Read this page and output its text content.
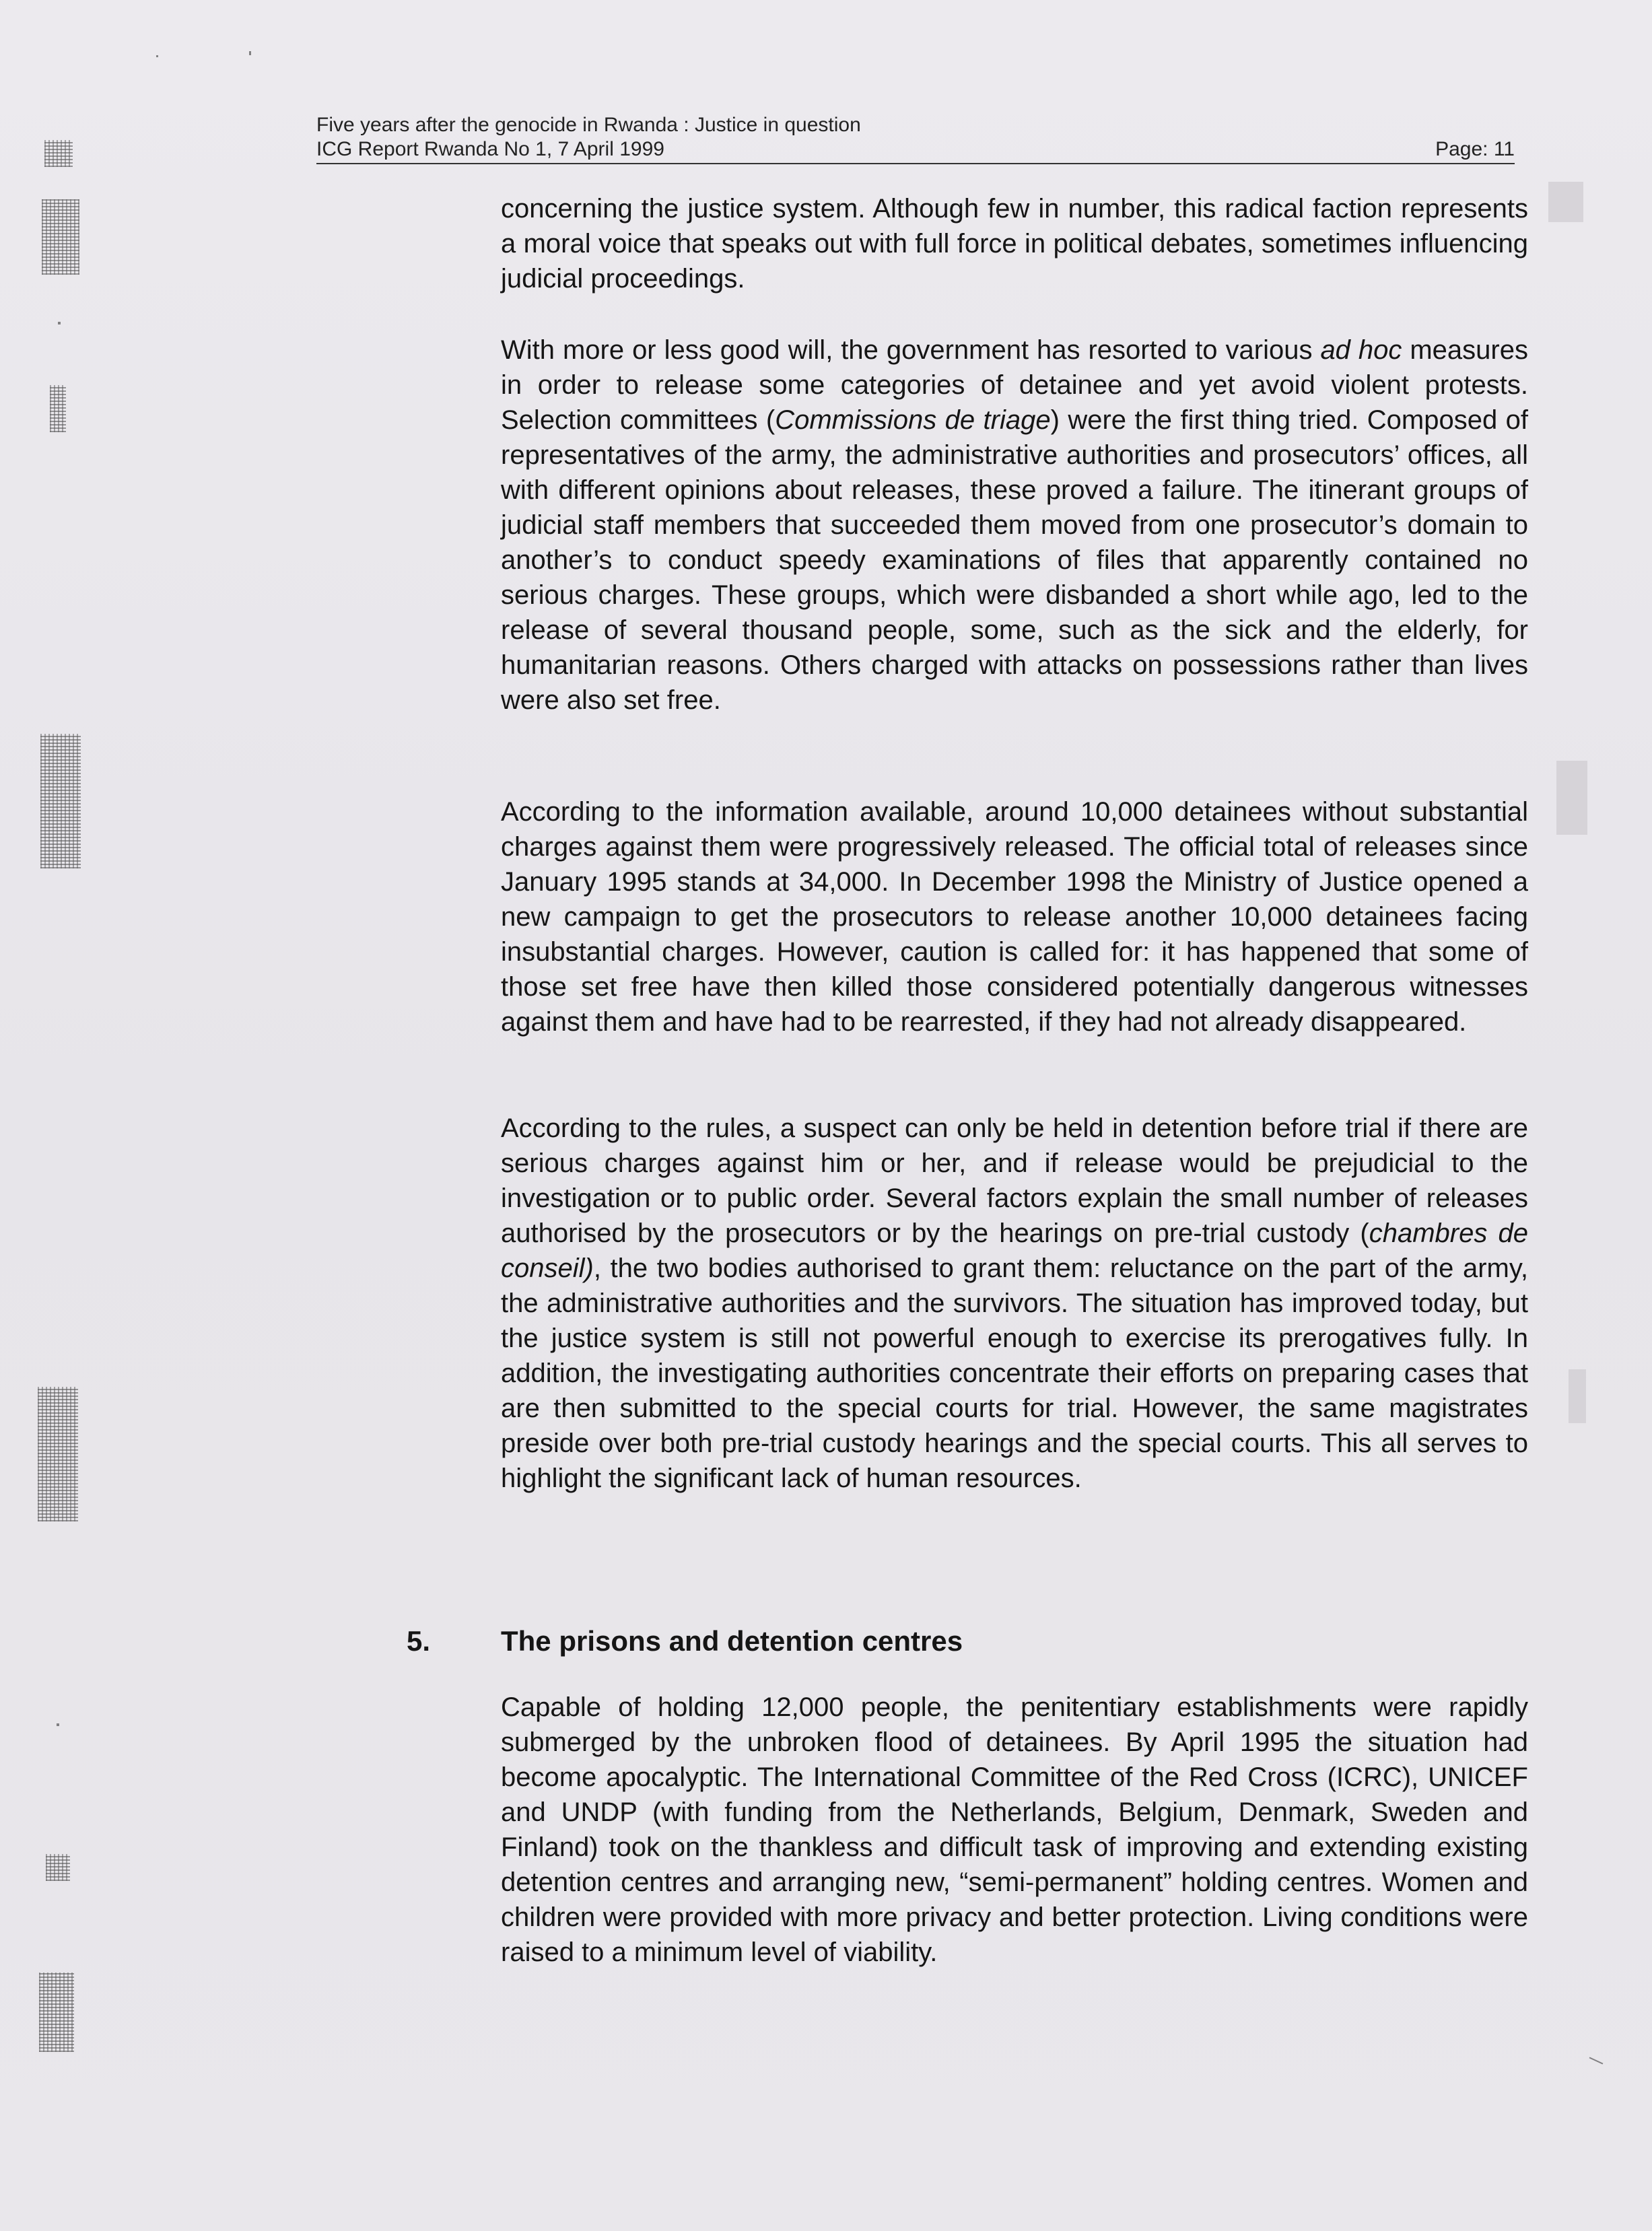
Five years after the genocide in Rwanda : Justice in question
ICG Report Rwanda No 1, 7 April 1999	Page: 11

concerning the justice system. Although few in number, this radical faction represents a moral voice that speaks out with full force in political debates, sometimes influencing judicial proceedings.

With more or less good will, the government has resorted to various ad hoc measures in order to release some categories of detainee and yet avoid violent protests. Selection committees (Commissions de triage) were the first thing tried. Composed of representatives of the army, the administrative authorities and prosecutors’ offices, all with different opinions about releases, these proved a failure. The itinerant groups of judicial staff members that succeeded them moved from one prosecutor’s domain to another’s to conduct speedy examinations of files that apparently contained no serious charges. These groups, which were disbanded a short while ago, led to the release of several thousand people, some, such as the sick and the elderly, for humanitarian reasons. Others charged with attacks on possessions rather than lives were also set free.

According to the information available, around 10,000 detainees without substantial charges against them were progressively released. The official total of releases since January 1995 stands at 34,000. In December 1998 the Ministry of Justice opened a new campaign to get the prosecutors to release another 10,000 detainees facing insubstantial charges. However, caution is called for: it has happened that some of those set free have then killed those considered potentially dangerous witnesses against them and have had to be rearrested, if they had not already disappeared.

According to the rules, a suspect can only be held in detention before trial if there are serious charges against him or her, and if release would be prejudicial to the investigation or to public order. Several factors explain the small number of releases authorised by the prosecutors or by the hearings on pre-trial custody (chambres de conseil), the two bodies authorised to grant them: reluctance on the part of the army, the administrative authorities and the survivors. The situation has improved today, but the justice system is still not powerful enough to exercise its prerogatives fully. In addition, the investigating authorities concentrate their efforts on preparing cases that are then submitted to the special courts for trial. However, the same magistrates preside over both pre-trial custody hearings and the special courts. This all serves to highlight the significant lack of human resources.

5. The prisons and detention centres

Capable of holding 12,000 people, the penitentiary establishments were rapidly submerged by the unbroken flood of detainees. By April 1995 the situation had become apocalyptic. The International Committee of the Red Cross (ICRC), UNICEF and UNDP (with funding from the Netherlands, Belgium, Denmark, Sweden and Finland) took on the thankless and difficult task of improving and extending existing detention centres and arranging new, “semi-permanent” holding centres. Women and children were provided with more privacy and better protection. Living conditions were raised to a minimum level of viability.
